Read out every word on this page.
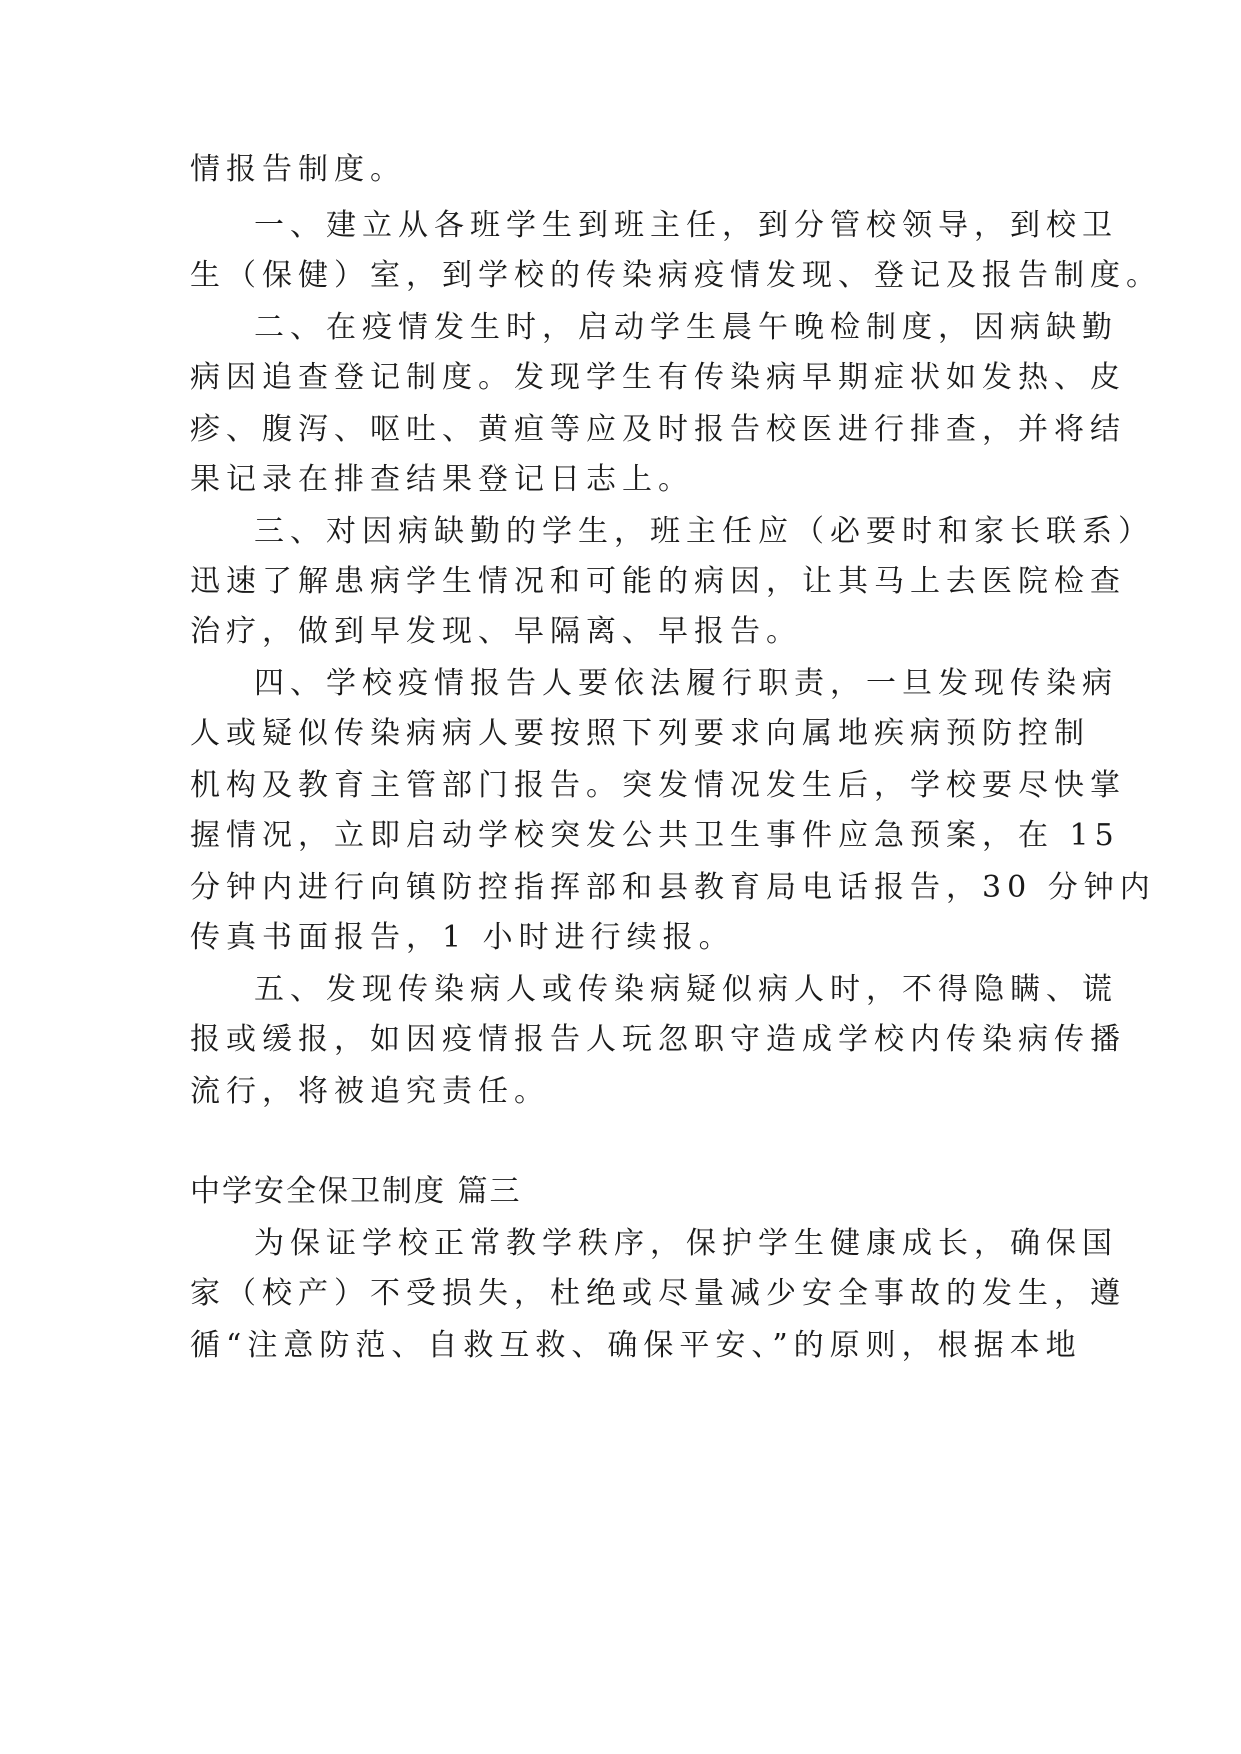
情报告制度。
一、建立从各班学生到班主任，到分管校领导，到校卫
生（保健）室，到学校的传染病疫情发现、登记及报告制度。
二、在疫情发生时，启动学生晨午晚检制度，因病缺勤
病因追查登记制度。发现学生有传染病早期症状如发热、皮
疹、腹泻、呕吐、黄疸等应及时报告校医进行排查，并将结
果记录在排查结果登记日志上。
三、对因病缺勤的学生，班主任应（必要时和家长联系）
迅速了解患病学生情况和可能的病因，让其马上去医院检查
治疗，做到早发现、早隔离、早报告。
四、学校疫情报告人要依法履行职责，一旦发现传染病
人或疑似传染病病人要按照下列要求向属地疾病预防控制
机构及教育主管部门报告。突发情况发生后，学校要尽快掌
握情况，立即启动学校突发公共卫生事件应急预案，在 15
分钟内进行向镇防控指挥部和县教育局电话报告，30 分钟内
传真书面报告，1 小时进行续报。
五、发现传染病人或传染病疑似病人时，不得隐瞒、谎
报或缓报，如因疫情报告人玩忽职守造成学校内传染病传播
流行，将被追究责任。
中学安全保卫制度 篇三
为保证学校正常教学秩序，保护学生健康成长，确保国
家（校产）不受损失，杜绝或尽量减少安全事故的发生，遵
循“注意防范、自救互救、确保平安、”的原则，根据本地
